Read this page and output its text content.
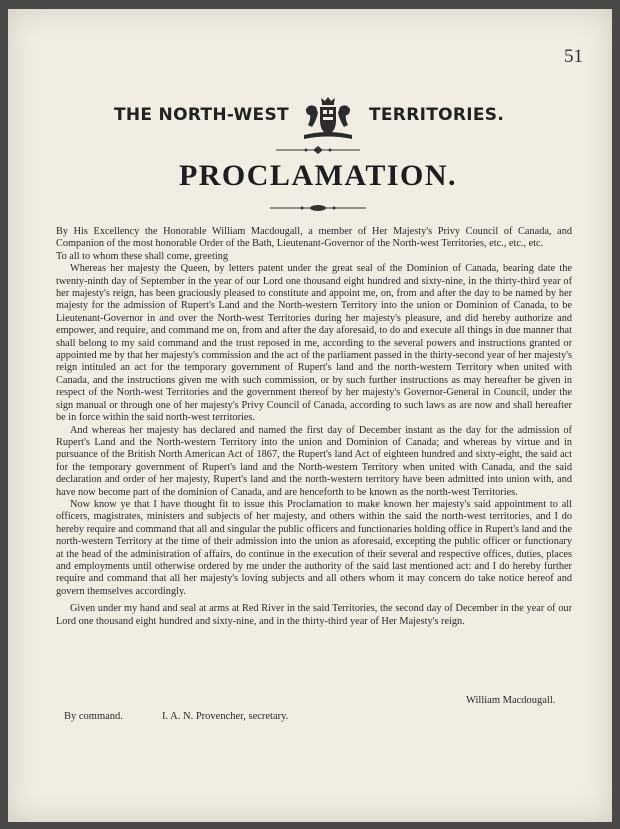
51
THE NORTH-WEST	TERRITORIES.
PROCLAMATION.

By His Excellency the Honorable William Macdougall, a member of Her Majesty's Privy Council of Canada, and Companion of the most honorable Order of the Bath, Lieutenant-Governor of the North-west Territories, etc., etc., etc.

To all to whom these shall come, greeting

Whereas her majesty the Queen, by letters patent under the great seal of the Dominion of Canada, bearing date the twenty-ninth day of September in the year of our Lord one thousand eight hundred and sixty-nine, in the thirty-third year of her majesty's reign, has been graciously pleased to constitute and appoint me, on, from and after the day to be named by her majesty for the admission of Rupert's Land and the North-western Territory into the union or Dominion of Canada, to be Lieutenant-Governor in and over the North-west Territories during her majesty's pleasure, and did hereby authorize and empower, and require, and command me on, from and after the day aforesaid, to do and execute all things in due manner that shall belong to my said command and the trust reposed in me, according to the several powers and instructions granted or appointed me by that her majesty's commission and the act of the parliament passed in the thirty-second year of her majesty's reign intituled an act for the temporary government of Rupert's land and the north-western Territory when united with Canada, and the instructions given me with such commission, or by such further instructions as may hereafter be given in respect of the North-west Territories and the government thereof by her majesty's Governor-General in Council, under the sign manual or through one of her majesty's Privy Council of Canada, according to such laws as are now and shall hereafter be in force within the said north-west territories.

And whereas her majesty has declared and named the first day of December instant as the day for the admission of Rupert's Land and the North-western Territory into the union and Dominion of Canada; and whereas by virtue and in pursuance of the British North American Act of 1867, the Rupert's land Act of eighteen hundred and sixty-eight, the said act for the temporary government of Rupert's land and the North-western Territory when united with Canada, and the said declaration and order of her majesty, Rupert's land and the north-western territory have been admitted into union with, and have now become part of the dominion of Canada, and are henceforth to be known as the north-west Territories.

Now know ye that I have thought fit to issue this Proclamation to make known her majesty's said appointment to all officers, magistrates, ministers and subjects of her majesty, and others within the said the north-west territories, and I do hereby require and command that all and singular the public officers and functionaries holding office in Rupert's land and the north-western Territory at the time of their admission into the union as aforesaid, excepting the public officer or functionary at the head of the administration of affairs, do continue in the execution of their several and respective offices, duties, places and employments until otherwise ordered by me under the authority of the said last mentioned act: and I do hereby further require and command that all her majesty's loving subjects and all others whom it may concern do take notice hereof and govern themselves accordingly.

Given under my hand and seal at arms at Red River in the said Territories, the second day of December in the year of our Lord one thousand eight hundred and sixty-nine, and in the thirty-third year of Her Majesty's reign.

William Macdougall.
By command.	I. A. N. Provencher, secretary.
